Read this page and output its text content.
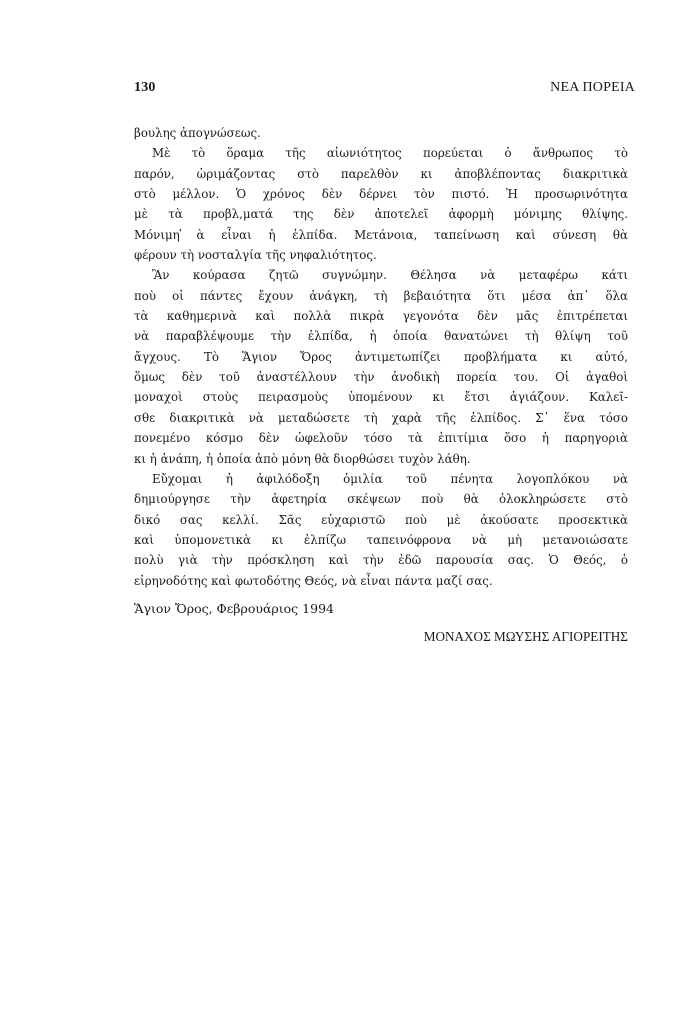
130	ΝΕΑ ΠΟΡΕΙΑ
βουλης ἀπογνώσεως.
Μὲ τὸ ὅραμα τῆς αἰωνιότητος πορεύεται ὁ ἄνθρωπος τὸ
παρόν, ὡριμάζοντας στὸ παρελθὸν κι ἀποβλέποντας διακριτικὰ
στὸ μέλλον. Ὁ χρόνος δὲν δέρνει τὸν πιστό. Ἡ προσωρινότητα
μὲ τὰ προβλ,ματά της δὲν ἀποτελεῖ ἀφορμὴ μόνιμης θλίψης.
Μόνιμη ̔ὰ εἶναι ἡ ἐλπίδα. Μετάνοια, ταπείνωση καὶ σύνεση θὰ
φέρουν τὴ νοσταλγία τῆς νηφαλιότητος.
Ἂν κούρασα ζητῶ συγνώμην. Θέλησα νὰ μεταφέρω κάτι
ποὺ οἱ πάντες ἔχουν ἀνάγκη, τὴ βεβαιότητα ὅτι μέσα ἀπ᾽ ὅλα
τὰ καθημερινὰ καὶ πολλὰ πικρὰ γεγονότα δὲν μᾶς ἐπιτρέπεται
νὰ παραβλέψουμε τὴν ἐλπίδα, ἡ ὁποία θανατώνει τὴ θλίψη τοῦ
ἄγχους. Τὸ Ἅγιον Ὄρος ἀντιμετωπίζει προβλήματα κι αὐτό,
ὅμως δὲν τοῦ ἀναστέλλουν τὴν ἀνοδικὴ πορεία του. Οἱ ἀγαθοὶ
μοναχοὶ στοὺς πειρασμοὺς ὑπομένουν κι ἔτσι ἁγιάζουν. Καλεῖ-
σθε διακριτικὰ νὰ μεταδώσετε τὴ χαρὰ τῆς ἐλπίδος. Σ᾽ ἕνα τόσο
πονεμένο κόσμο δὲν ὠφελοῦν τόσο τὰ ἐπιτίμια ὅσο ἡ παρηγοριὰ
κι ἡ ἀνάπη, ἡ ὁποία ἀπὸ μόνη θὰ διορθώσει τυχὸν λάθη.
Εὔχομαι ἡ ἀφιλόδοξη ὁμιλία τοῦ πένητα λογοπλόκου νὰ
δημιούργησε τὴν ἀφετηρία σκέψεων ποὺ θὰ ὁλοκληρώσετε στὸ
δικό σας κελλί. Σᾶς εὐχαριστῶ ποὺ μὲ ἀκούσατε προσεκτικὰ
καὶ ὑπομονετικὰ κι ἐλπίζω ταπεινόφρονα νὰ μὴ μετανοιώσατε
πολὺ γιὰ τὴν πρόσκληση καὶ τὴν ἐδῶ παρουσία σας. Ὁ Θεός, ὁ
εἰρηνοδότης καὶ φωτοδότης Θεός, νὰ εἶναι πάντα μαζί σας.
Ἅγιον Ὄρος, Φεβρουάριος 1994
ΜΟΝΑΧΟΣ ΜΩΥΣΗΣ ΑΓΙΟΡΕΙΤΗΣ
